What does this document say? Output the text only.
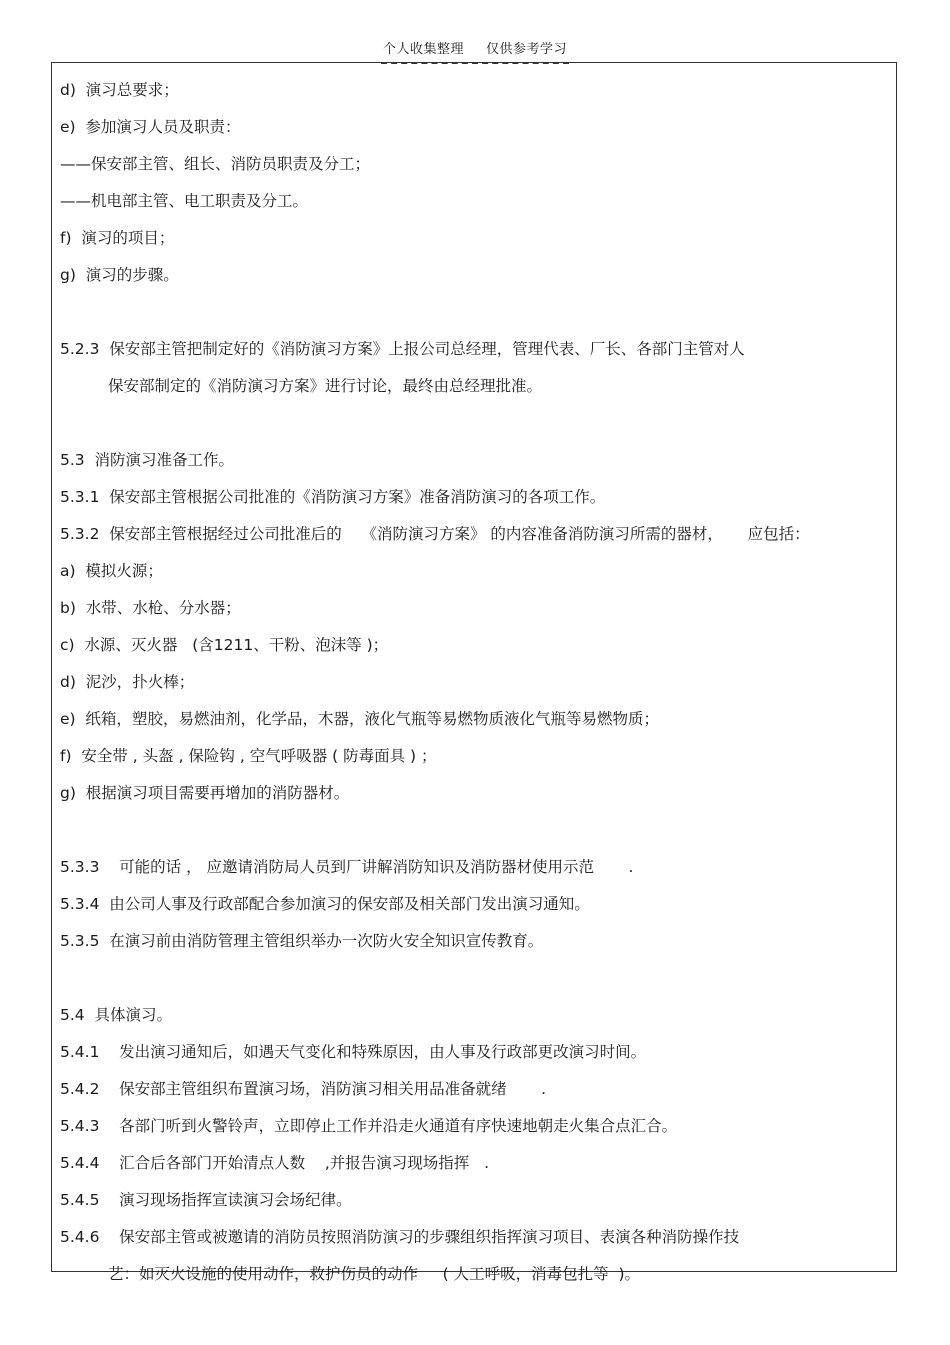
个人收集整理 仅供参考学习
d)  演习总要求；
e)  参加演习人员及职责：
——保安部主管、组长、消防员职责及分工；
——机电部主管、电工职责及分工。
f)  演习的项目；
g)  演习的步骤。
5.2.3  保安部主管把制定好的《消防演习方案》上报公司总经理，管理代表、厂长、各部门主管对人
保安部制定的《消防演习方案》进行讨论，最终由总经理批准。
5.3  消防演习准备工作。
5.3.1  保安部主管根据公司批准的《消防演习方案》准备消防演习的各项工作。
5.3.2  保安部主管根据经过公司批准后的    《消防演习方案》 的内容准备消防演习所需的器材，     应包括：
a)  模拟火源；
b)  水带、水枪、分水器；
c)  水源、灭火器   (含1211、干粉、泡沫等 )；
d)  泥沙，扑火棒；
e)  纸箱，塑胶，易燃油剂，化学品，木器，液化气瓶等易燃物质液化气瓶等易燃物质；
f)  安全带 , 头盔 , 保险钩 , 空气呼吸器 ( 防毒面具 ) ；
g)  根据演习项目需要再增加的消防器材。
5.3.3    可能的话 ， 应邀请消防局人员到厂讲解消防知识及消防器材使用示范       .
5.3.4  由公司人事及行政部配合参加演习的保安部及相关部门发出演习通知。
5.3.5  在演习前由消防管理主管组织举办一次防火安全知识宣传教育。
5.4  具体演习。
5.4.1    发出演习通知后，如遇天气变化和特殊原因，由人事及行政部更改演习时间。
5.4.2    保安部主管组织布置演习场，消防演习相关用品准备就绪       .
5.4.3    各部门听到火警铃声，立即停止工作并沿走火通道有序快速地朝走火集合点汇合。
5.4.4    汇合后各部门开始清点人数    ,并报告演习现场指挥   .
5.4.5    演习现场指挥宣读演习会场纪律。
5.4.6    保安部主管或被邀请的消防员按照消防演习的步骤组织指挥演习项目、表演各种消防操作技
艺：如灭火设施的使用动作，救护伤员的动作     ( 人工呼吸，消毒包扎等  )。
